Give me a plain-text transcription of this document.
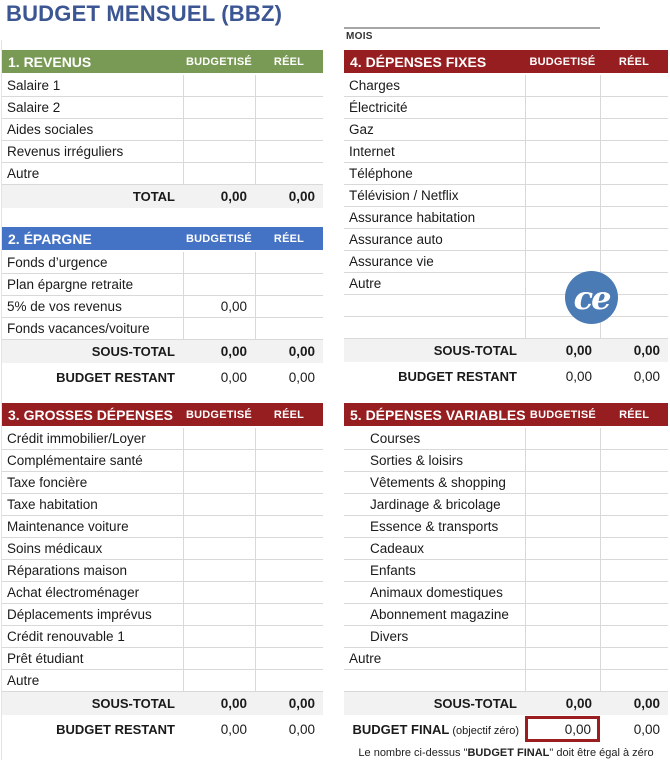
BUDGET MENSUEL (BBZ)
1. REVENUS	BUDGETISÉ	RÉEL
Salaire 1
Salaire 2
Aides sociales
Revenus irréguliers
Autre
TOTAL	0,00	0,00
2. ÉPARGNE	BUDGETISÉ	RÉEL
Fonds d’urgence
Plan épargne retraite
5% de vos revenus	0,00
Fonds vacances/voiture
SOUS-TOTAL	0,00	0,00
BUDGET RESTANT	0,00	0,00
3. GROSSES DÉPENSES	BUDGETISÉ	RÉEL
Crédit immobilier/Loyer
Complémentaire santé
Taxe foncière
Taxe habitation
Maintenance voiture
Soins médicaux
Réparations maison
Achat électroménager
Déplacements imprévus
Crédit renouvable 1
Prêt étudiant
Autre
SOUS-TOTAL	0,00	0,00
BUDGET RESTANT	0,00	0,00
MOIS
4. DÉPENSES FIXES	BUDGETISÉ	RÉEL
Charges
Électricité
Gaz
Internet
Téléphone
Télévision / Netflix
Assurance habitation
Assurance auto
Assurance vie
Autre
SOUS-TOTAL	0,00	0,00
BUDGET RESTANT	0,00	0,00
5. DÉPENSES VARIABLES BUDGETISÉ	RÉEL
Courses
Sorties & loisirs
Vêtements & shopping
Jardinage & bricolage
Essence & transports
Cadeaux
Enfants
Animaux domestiques
Abonnement magazine
Divers
Autre
SOUS-TOTAL	0,00	0,00
BUDGET FINAL (objectif zéro)	0,00	0,00
Le nombre ci-dessus "BUDGET FINAL" doit être égal à zéro
ce
